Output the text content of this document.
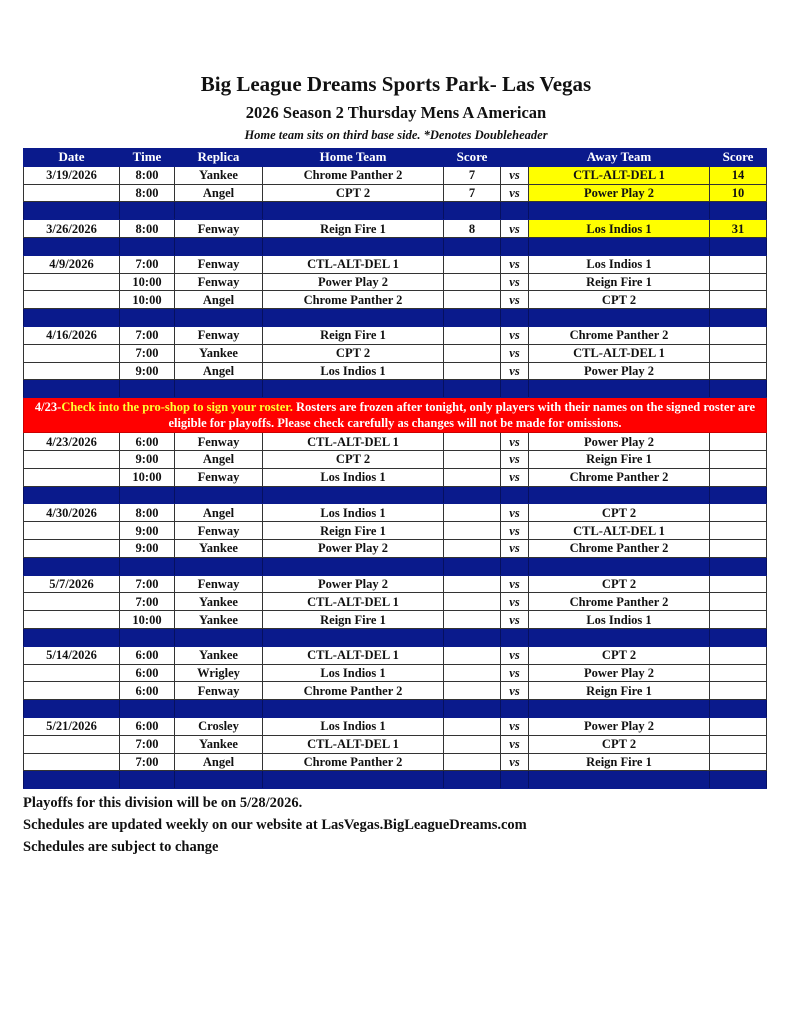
Big League Dreams Sports Park- Las Vegas
2026 Season 2 Thursday Mens A American
Home team sits on third base side. *Denotes Doubleheader
Date	Time	Replica	Home Team	Score		Away Team	Score
3/19/2026	8:00	Yankee	Chrome Panther 2	7	vs	CTL-ALT-DEL 1	14
	8:00	Angel	CPT 2	7	vs	Power Play 2	10

3/26/2026	8:00	Fenway	Reign Fire 1	8	vs	Los Indios 1	31

4/9/2026	7:00	Fenway	CTL-ALT-DEL 1		vs	Los Indios 1	
	10:00	Fenway	Power Play 2		vs	Reign Fire 1	
	10:00	Angel	Chrome Panther 2		vs	CPT 2	

4/16/2026	7:00	Fenway	Reign Fire 1		vs	Chrome Panther 2	
	7:00	Yankee	CPT 2		vs	CTL-ALT-DEL 1	
	9:00	Angel	Los Indios 1		vs	Power Play 2	

4/23-Check into the pro-shop to sign your roster. Rosters are frozen after tonight, only players with their names on the signed roster are eligible for playoffs. Please check carefully as changes will not be made for omissions.							
4/23/2026	6:00	Fenway	CTL-ALT-DEL 1		vs	Power Play 2	
	9:00	Angel	CPT 2		vs	Reign Fire 1	
	10:00	Fenway	Los Indios 1		vs	Chrome Panther 2	

4/30/2026	8:00	Angel	Los Indios 1		vs	CPT 2	
	9:00	Fenway	Reign Fire 1		vs	CTL-ALT-DEL 1	
	9:00	Yankee	Power Play 2		vs	Chrome Panther 2	

5/7/2026	7:00	Fenway	Power Play 2		vs	CPT 2	
	7:00	Yankee	CTL-ALT-DEL 1		vs	Chrome Panther 2	
	10:00	Yankee	Reign Fire 1		vs	Los Indios 1	

5/14/2026	6:00	Yankee	CTL-ALT-DEL 1		vs	CPT 2	
	6:00	Wrigley	Los Indios 1		vs	Power Play 2	
	6:00	Fenway	Chrome Panther 2		vs	Reign Fire 1	

5/21/2026	6:00	Crosley	Los Indios 1		vs	Power Play 2	
	7:00	Yankee	CTL-ALT-DEL 1		vs	CPT 2	
	7:00	Angel	Chrome Panther 2		vs	Reign Fire 1	

Playoffs for this division will be on 5/28/2026.
Schedules are updated weekly on our website at LasVegas.BigLeagueDreams.com
Schedules are subject to change
